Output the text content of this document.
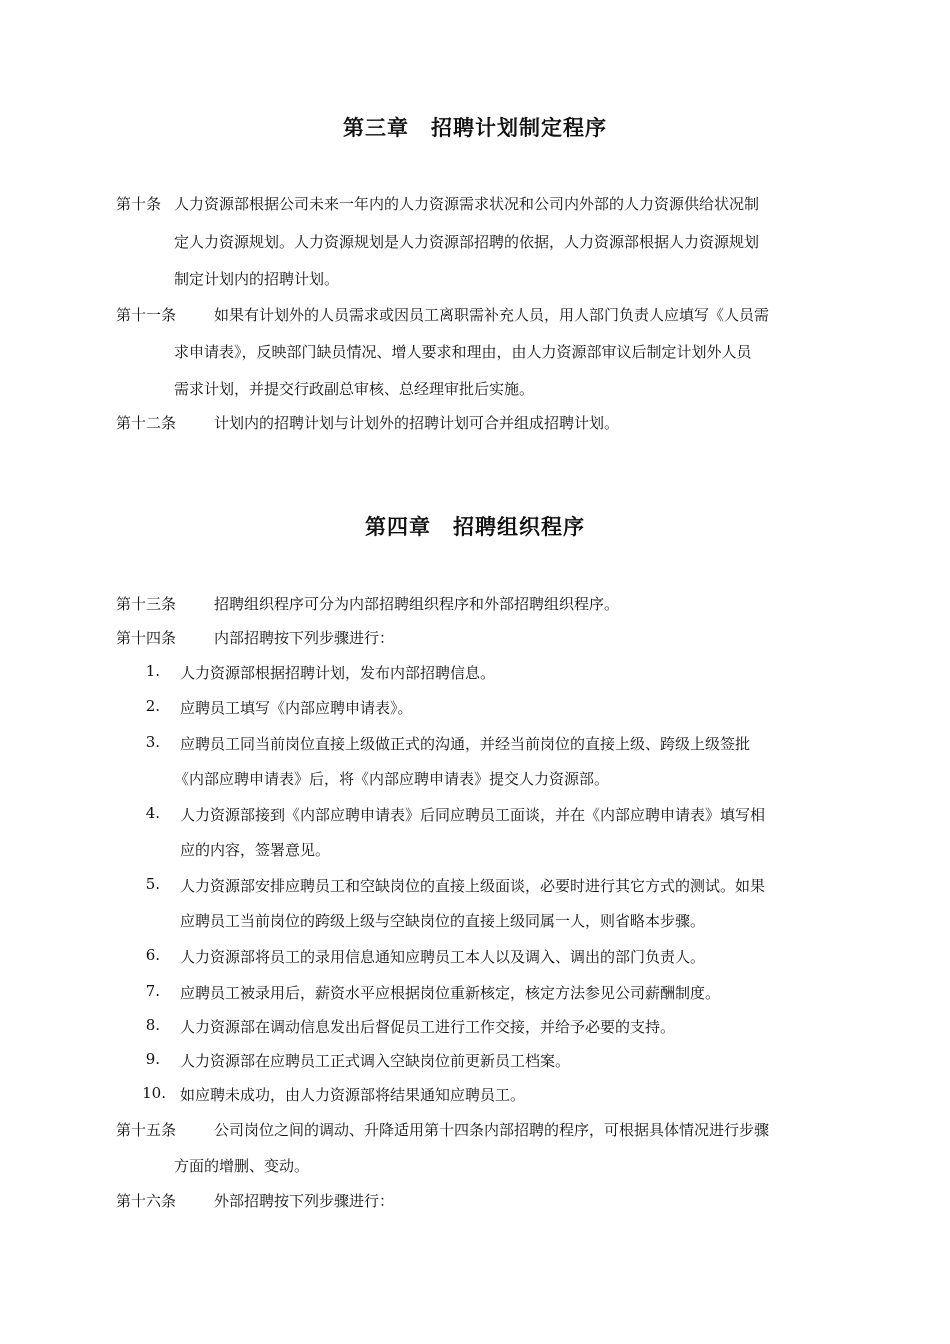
第三章　招聘计划制定程序
第十条 人力资源部根据公司未来一年内的人力资源需求状况和公司内外部的人力资源供给状况制
定人力资源规划。人力资源规划是人力资源部招聘的依据，人力资源部根据人力资源规划
制定计划内的招聘计划。
第十一条	如果有计划外的人员需求或因员工离职需补充人员，用人部门负责人应填写《人员需
求申请表》，反映部门缺员情况、增人要求和理由，由人力资源部审议后制定计划外人员
需求计划，并提交行政副总审核、总经理审批后实施。
第十二条	计划内的招聘计划与计划外的招聘计划可合并组成招聘计划。
第四章　招聘组织程序
第十三条	招聘组织程序可分为内部招聘组织程序和外部招聘组织程序。
第十四条	内部招聘按下列步骤进行：
1. 人力资源部根据招聘计划，发布内部招聘信息。
2. 应聘员工填写《内部应聘申请表》。
3. 应聘员工同当前岗位直接上级做正式的沟通，并经当前岗位的直接上级、跨级上级签批
《内部应聘申请表》后，将《内部应聘申请表》提交人力资源部。
4. 人力资源部接到《内部应聘申请表》后同应聘员工面谈，并在《内部应聘申请表》填写相
应的内容，签署意见。
5. 人力资源部安排应聘员工和空缺岗位的直接上级面谈，必要时进行其它方式的测试。如果
应聘员工当前岗位的跨级上级与空缺岗位的直接上级同属一人，则省略本步骤。
6. 人力资源部将员工的录用信息通知应聘员工本人以及调入、调出的部门负责人。
7. 应聘员工被录用后，薪资水平应根据岗位重新核定，核定方法参见公司薪酬制度。
8. 人力资源部在调动信息发出后督促员工进行工作交接，并给予必要的支持。
9. 人力资源部在应聘员工正式调入空缺岗位前更新员工档案。
10. 如应聘未成功，由人力资源部将结果通知应聘员工。
第十五条	公司岗位之间的调动、升降适用第十四条内部招聘的程序，可根据具体情况进行步骤
方面的增删、变动。
第十六条	外部招聘按下列步骤进行：
